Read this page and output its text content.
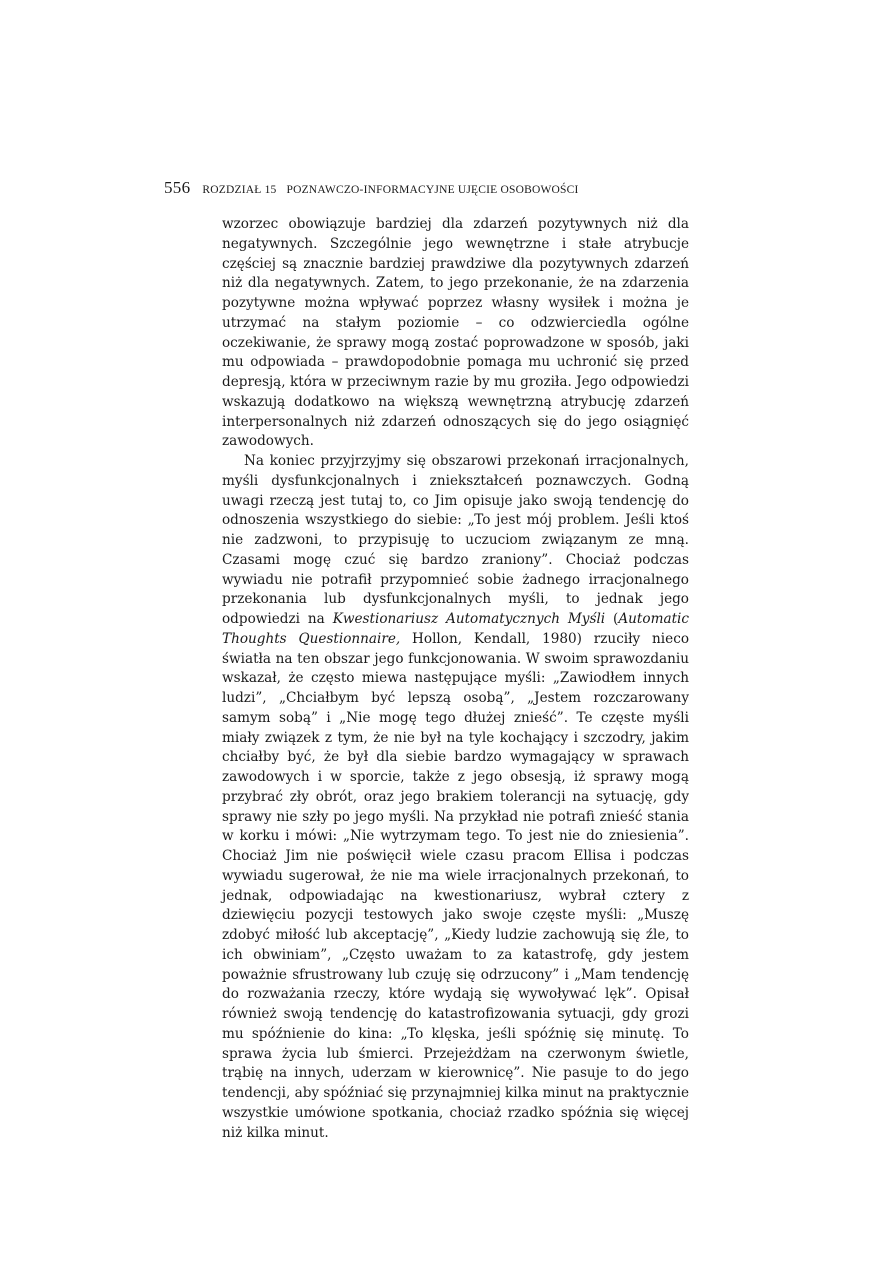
556 ROZDZIAŁ 15 POZNAWCZO-INFORMACYJNE UJĘCIE OSOBOWOŚCI

wzorzec obowiązuje bardziej dla zdarzeń pozytywnych niż dla negatywnych. Szczególnie jego wewnętrzne i stałe atrybucje częściej są znacznie bardziej prawdziwe dla pozytywnych zdarzeń niż dla negatywnych. Zatem, to jego przekonanie, że na zdarzenia pozytywne można wpływać poprzez własny wysiłek i można je utrzymać na stałym poziomie – co odzwierciedla ogólne oczekiwanie, że sprawy mogą zostać poprowadzone w sposób, jaki mu odpowiada – prawdopodobnie pomaga mu uchronić się przed depresją, która w przeciwnym razie by mu groziła. Jego odpowiedzi wskazują dodatkowo na większą wewnętrzną atrybucję zdarzeń interpersonalnych niż zdarzeń odnoszących się do jego osiągnięć zawodowych.

Na koniec przyjrzyjmy się obszarowi przekonań irracjonalnych, myśli dysfunkcjonalnych i zniekształceń poznawczych. Godną uwagi rzeczą jest tutaj to, co Jim opisuje jako swoją tendencję do odnoszenia wszystkiego do siebie: „To jest mój problem. Jeśli ktoś nie zadzwoni, to przypisuję to uczuciom związanym ze mną. Czasami mogę czuć się bardzo zraniony”. Chociaż podczas wywiadu nie potrafił przypomnieć sobie żadnego irracjonalnego przekonania lub dysfunkcjonalnych myśli, to jednak jego odpowiedzi na Kwestionariusz Automatycznych Myśli (Automatic Thoughts Questionnaire, Hollon, Kendall, 1980) rzuciły nieco światła na ten obszar jego funkcjonowania. W swoim sprawozdaniu wskazał, że często miewa następujące myśli: „Zawiodłem innych ludzi”, „Chciałbym być lepszą osobą”, „Jestem rozczarowany samym sobą” i „Nie mogę tego dłużej znieść”. Te częste myśli miały związek z tym, że nie był na tyle kochający i szczodry, jakim chciałby być, że był dla siebie bardzo wymagający w sprawach zawodowych i w sporcie, także z jego obsesją, iż sprawy mogą przybrać zły obrót, oraz jego brakiem tolerancji na sytuację, gdy sprawy nie szły po jego myśli. Na przykład nie potrafi znieść stania w korku i mówi: „Nie wytrzymam tego. To jest nie do zniesienia”. Chociaż Jim nie poświęcił wiele czasu pracom Ellisa i podczas wywiadu sugerował, że nie ma wiele irracjonalnych przekonań, to jednak, odpowiadając na kwestionariusz, wybrał cztery z dziewięciu pozycji testowych jako swoje częste myśli: „Muszę zdobyć miłość lub akceptację”, „Kiedy ludzie zachowują się źle, to ich obwiniam”, „Często uważam to za katastrofę, gdy jestem poważnie sfrustrowany lub czuję się odrzucony” i „Mam tendencję do rozważania rzeczy, które wydają się wywoływać lęk”. Opisał również swoją tendencję do katastrofizowania sytuacji, gdy grozi mu spóźnienie do kina: „To klęska, jeśli spóźnię się minutę. To sprawa życia lub śmierci. Przejeżdżam na czerwonym świetle, trąbię na innych, uderzam w kierownicę”. Nie pasuje to do jego tendencji, aby spóźniać się przynajmniej kilka minut na praktycznie wszystkie umówione spotkania, chociaż rzadko spóźnia się więcej niż kilka minut.
